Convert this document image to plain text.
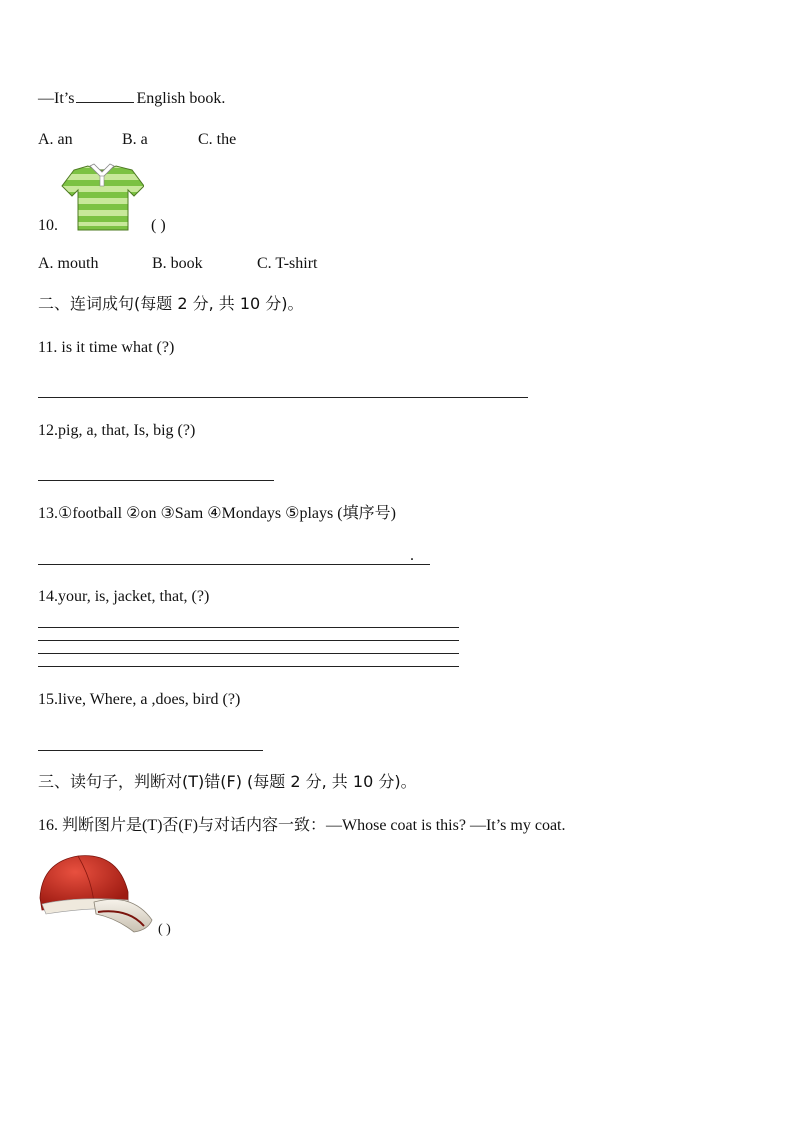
—It’s	English book.
A. an	B. a	C. the
10.	( )
A. mouth	B. book	C. T-shirt
二、连词成句(每题 2 分, 共 10 分)。
11. is it time what (?)
12.pig, a, that, Is, big (?)
13.①football ②on ③Sam ④Mondays ⑤plays (填序号)
.
14.your, is, jacket, that, (?)
15.live, Where, a ,does, bird (?)
三、读句子，判断对(T)错(F) (每题 2 分, 共 10 分)。
16. 判断图片是(T)否(F)与对话内容一致：—Whose coat is this? —It’s my coat.
( )
